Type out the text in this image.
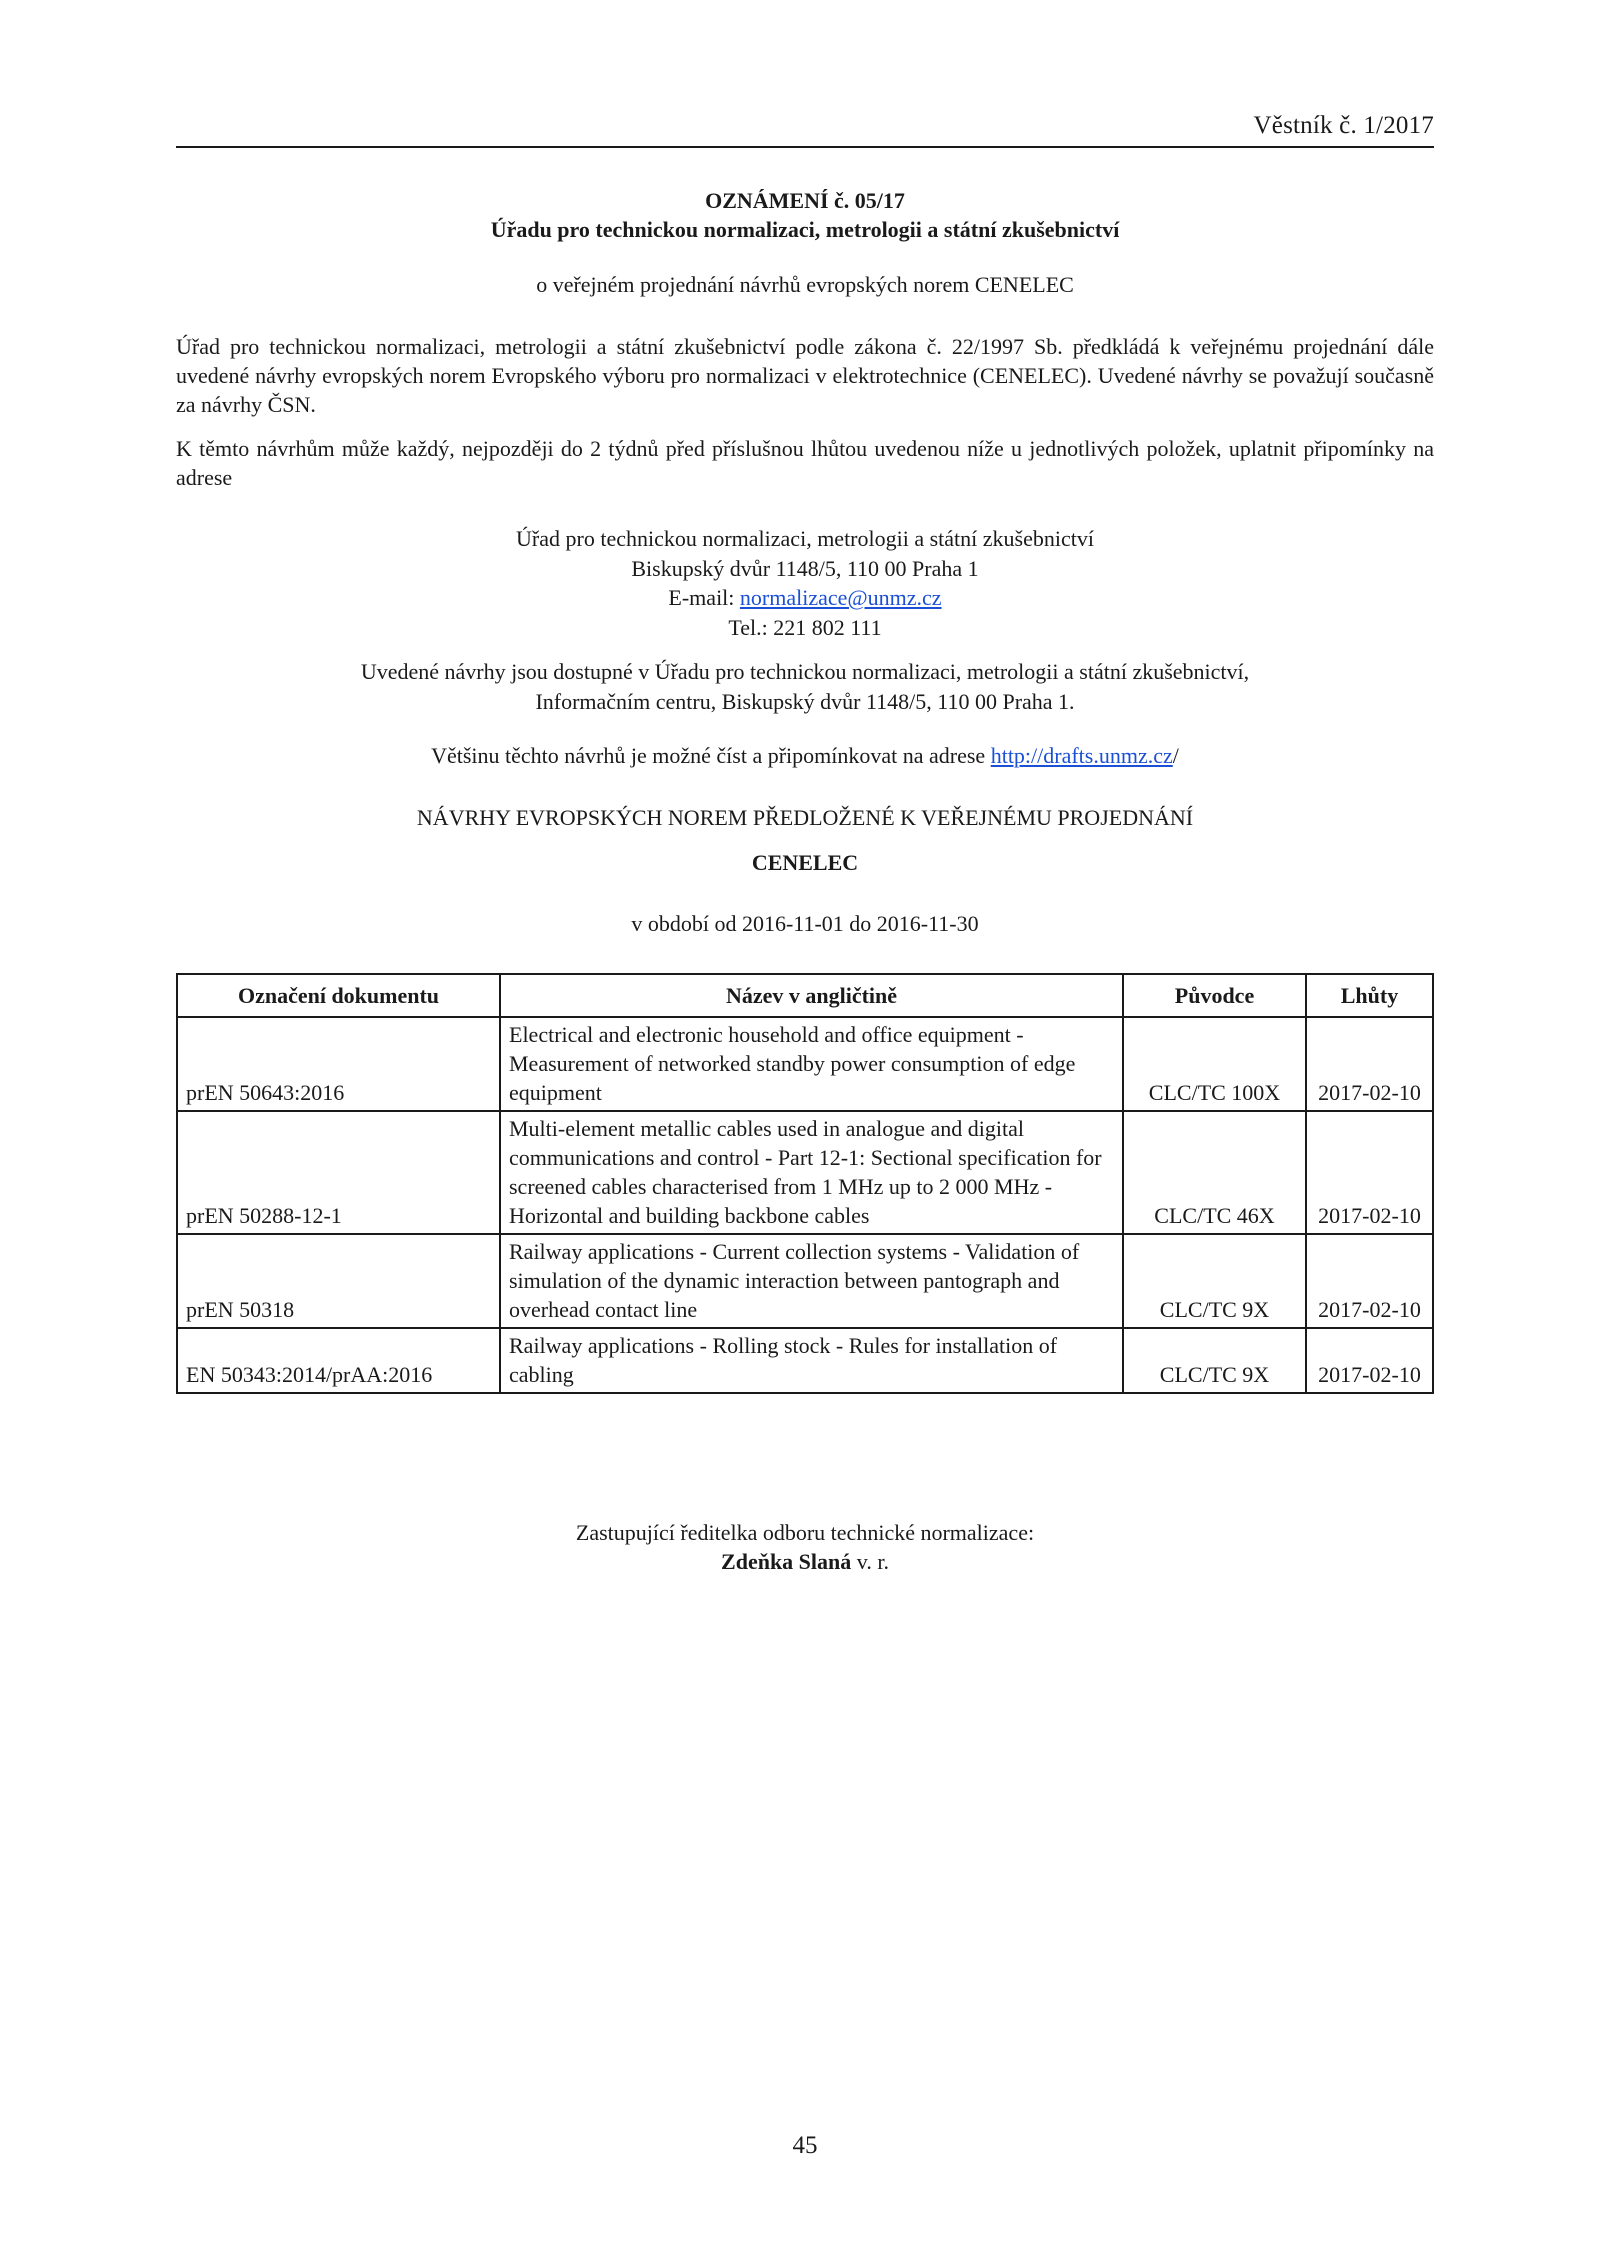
Věstník č. 1/2017
OZNÁMENÍ č. 05/17
Úřadu pro technickou normalizaci, metrologii a státní zkušebnictví
o veřejném projednání návrhů evropských norem CENELEC
Úřad pro technickou normalizaci, metrologii a státní zkušebnictví podle zákona č. 22/1997 Sb. předkládá k veřejnému projednání dále uvedené návrhy evropských norem Evropského výboru pro normalizaci v elektrotechnice (CENELEC). Uvedené návrhy se považují současně za návrhy ČSN.
K těmto návrhům může každý, nejpozději do 2 týdnů před příslušnou lhůtou uvedenou níže u jednotlivých položek, uplatnit připomínky na adrese
Úřad pro technickou normalizaci, metrologii a státní zkušebnictví
Biskupský dvůr 1148/5, 110 00 Praha 1
E-mail: normalizace@unmz.cz
Tel.: 221 802 111
Uvedené návrhy jsou dostupné v Úřadu pro technickou normalizaci, metrologii a státní zkušebnictví,
Informačním centru, Biskupský dvůr 1148/5, 110 00 Praha 1.
Většinu těchto návrhů je možné číst a připomínkovat na adrese http://drafts.unmz.cz/
NÁVRHY EVROPSKÝCH NOREM PŘEDLOŽENÉ K VEŘEJNÉMU PROJEDNÁNÍ
CENELEC
v období od 2016-11-01 do 2016-11-30
Označení dokumentu	Název v angličtině	Původce	Lhůty
prEN 50643:2016	Electrical and electronic household and office equipment - Measurement of networked standby power consumption of edge equipment	CLC/TC 100X	2017-02-10
prEN 50288-12-1	Multi-element metallic cables used in analogue and digital communications and control - Part 12-1: Sectional specification for screened cables characterised from 1 MHz up to 2 000 MHz - Horizontal and building backbone cables	CLC/TC 46X	2017-02-10
prEN 50318	Railway applications - Current collection systems - Validation of simulation of the dynamic interaction between pantograph and overhead contact line	CLC/TC 9X	2017-02-10
EN 50343:2014/prAA:2016	Railway applications - Rolling stock - Rules for installation of cabling	CLC/TC 9X	2017-02-10
Zastupující ředitelka odboru technické normalizace:
Zdeňka Slaná v. r.
45
